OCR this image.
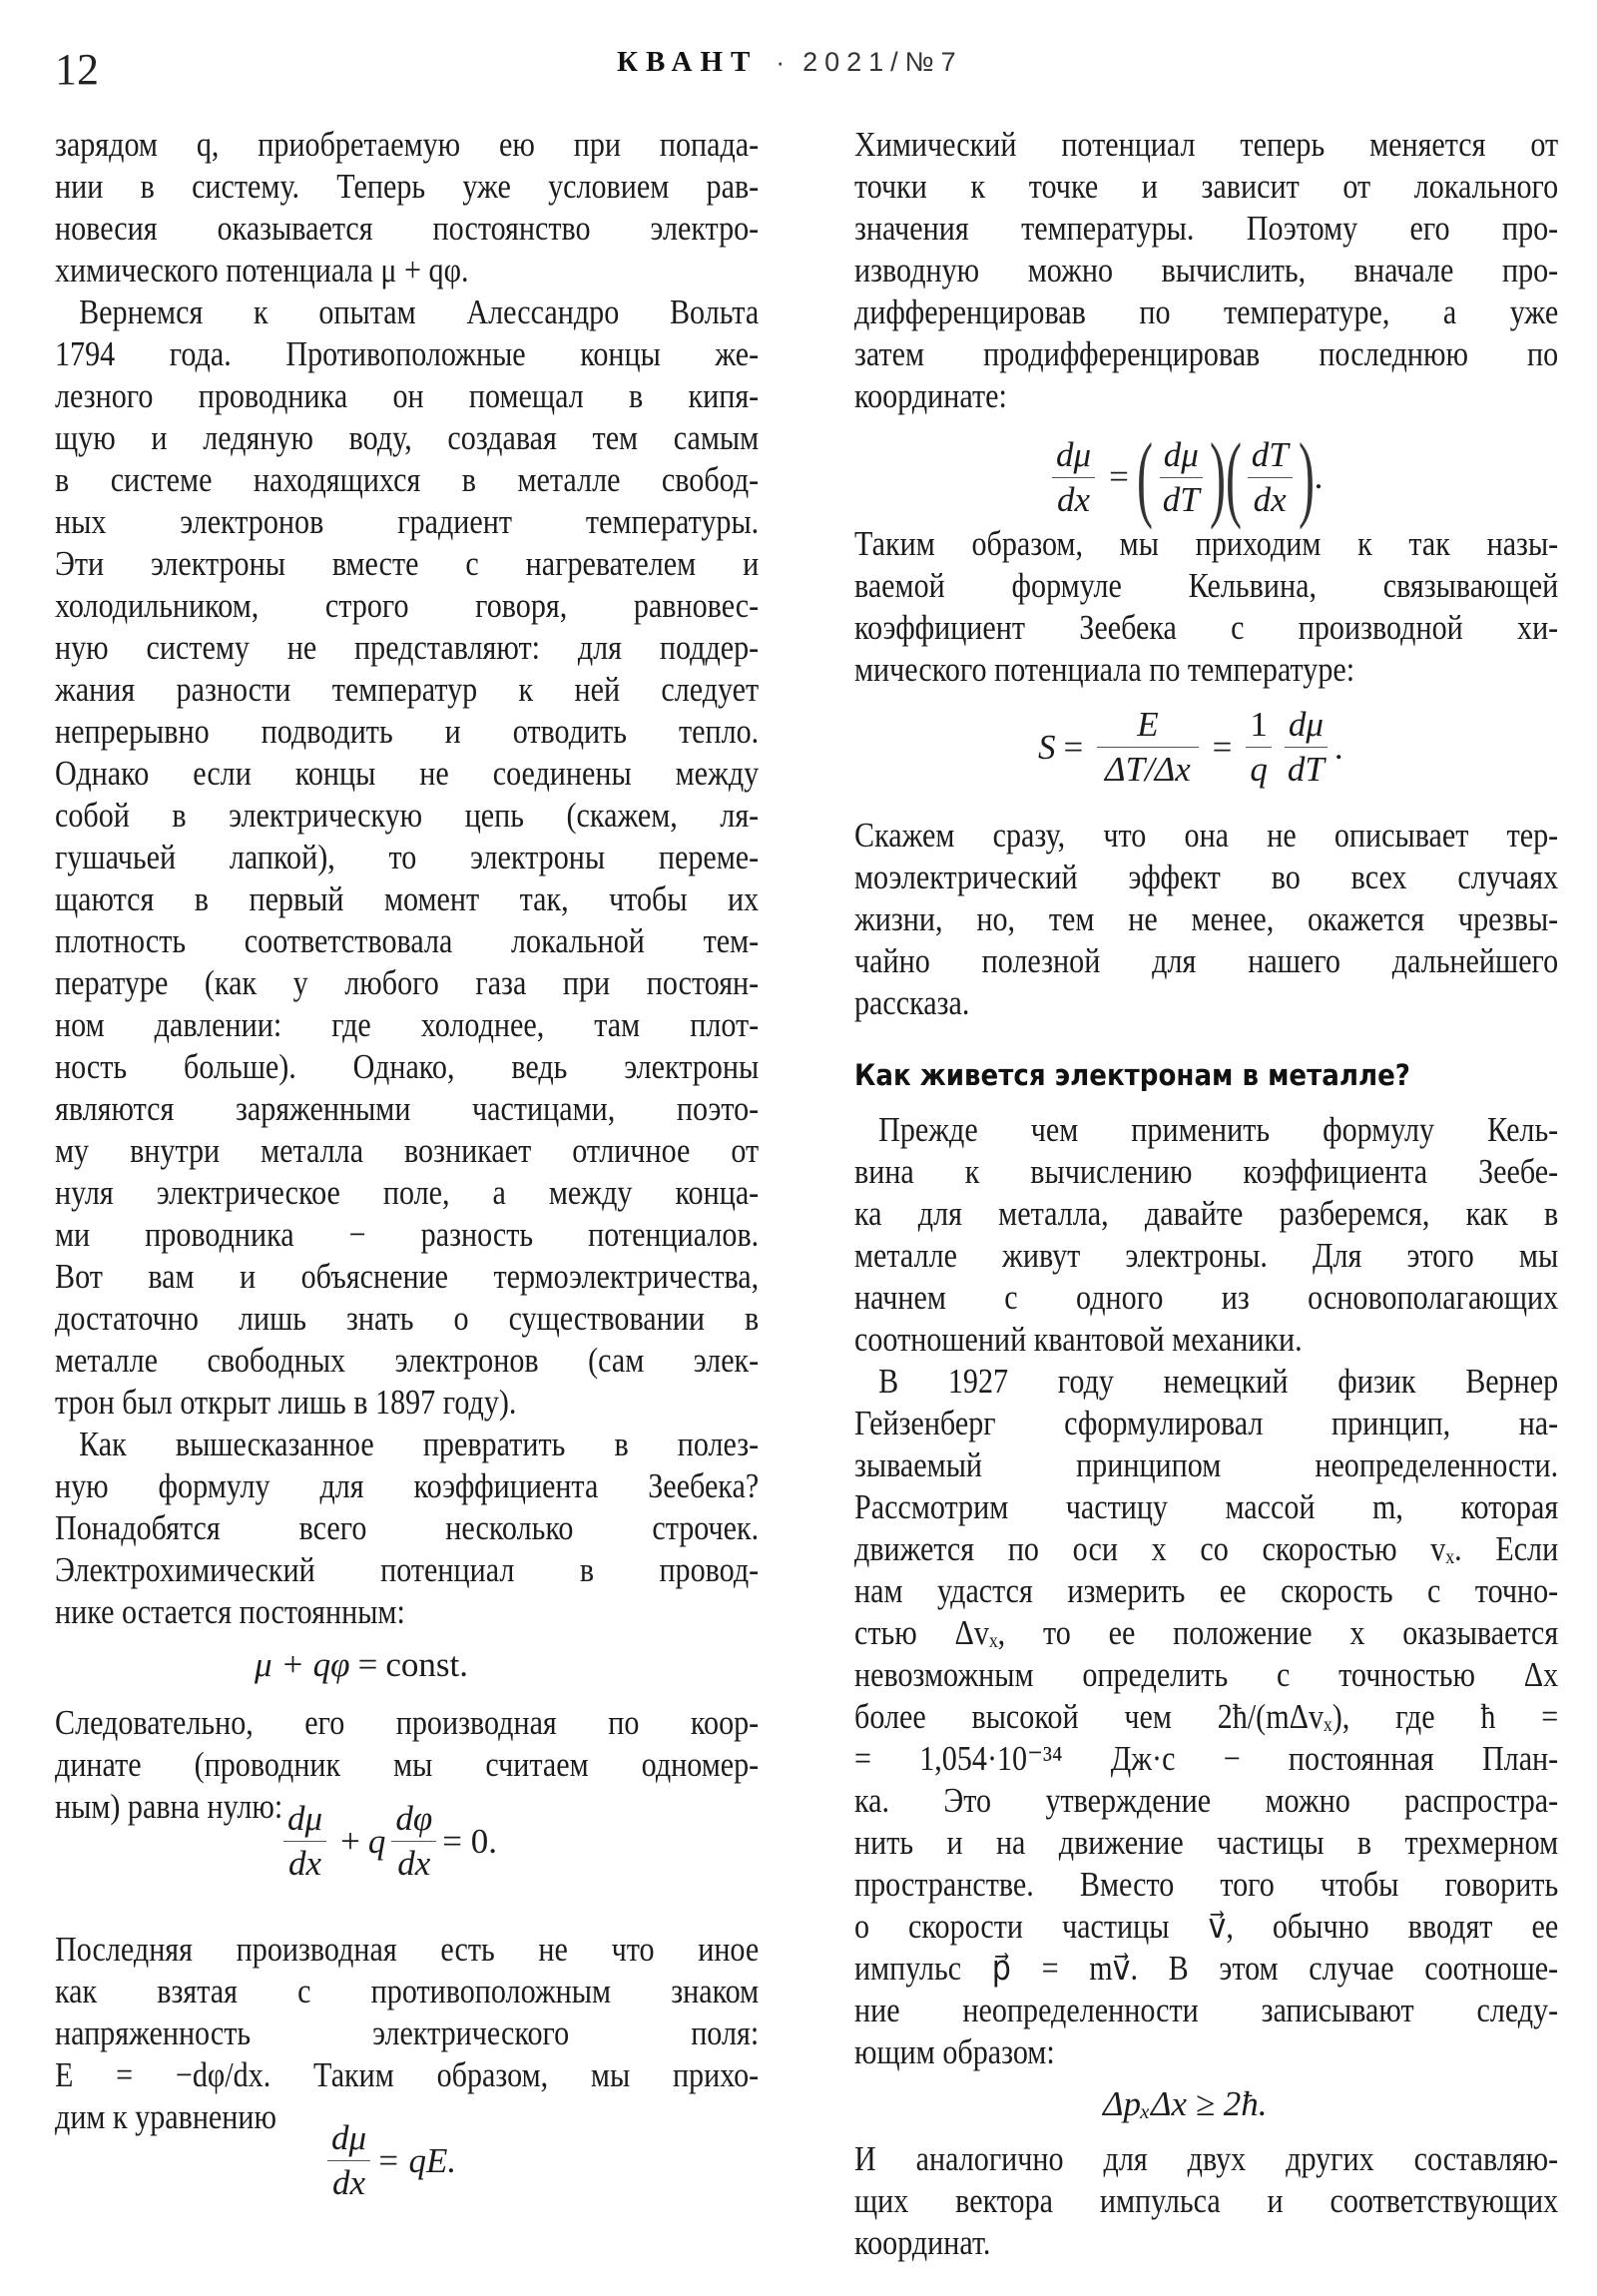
12	КВАНТ · 2021/№7
зарядом q, приобретаемую ею при попада-
нии в систему. Теперь уже условием рав-
новесия оказывается постоянство электро-
химического потенциала μ + qφ.
Вернемся к опытам Алессандро Вольта
1794 года. Противоположные концы же-
лезного проводника он помещал в кипя-
щую и ледяную воду, создавая тем самым
в системе находящихся в металле свобод-
ных электронов градиент температуры.
Эти электроны вместе с нагревателем и
холодильником, строго говоря, равновес-
ную систему не представляют: для поддер-
жания разности температур к ней следует
непрерывно подводить и отводить тепло.
Однако если концы не соединены между
собой в электрическую цепь (скажем, ля-
гушачьей лапкой), то электроны переме-
щаются в первый момент так, чтобы их
плотность соответствовала локальной тем-
пературе (как у любого газа при постоян-
ном давлении: где холоднее, там плот-
ность больше). Однако, ведь электроны
являются заряженными частицами, поэто-
му внутри металла возникает отличное от
нуля электрическое поле, а между конца-
ми проводника − разность потенциалов.
Вот вам и объяснение термоэлектричества,
достаточно лишь знать о существовании в
металле свободных электронов (сам элек-
трон был открыт лишь в 1897 году).
Как вышесказанное превратить в полез-
ную формулу для коэффициента Зеебека?
Понадобятся всего несколько строчек.
Электрохимический потенциал в провод-
нике остается постоянным:
Следовательно, его производная по коор-
динате (проводник мы считаем одномер-
ным) равна нулю:
Последняя производная есть не что иное
как взятая с противоположным знаком
напряженность электрического поля:
E = −dφ/dx. Таким образом, мы прихо-
дим к уравнению
μ + qφ = const.
$\frac{d\mu}{dx} + q \frac{d\varphi}{dx} = 0$.
$\frac{d\mu}{dx}$ = qE.
Химический потенциал теперь меняется от
точки к точке и зависит от локального
значения температуры. Поэтому его про-
изводную можно вычислить, вначале про-
дифференцировав по температуре, а уже
затем продифференцировав последнюю по
координате:
Таким образом, мы приходим к так назы-
ваемой формуле Кельвина, связывающей
коэффициент Зеебека с производной хи-
мического потенциала по температуре:
Скажем сразу, что она не описывает тер-
моэлектрический эффект во всех случаях
жизни, но, тем не менее, окажется чрезвы-
чайно полезной для нашего дальнейшего
рассказа.
Прежде чем применить формулу Кель-
вина к вычислению коэффициента Зеебе-
ка для металла, давайте разберемся, как в
металле живут электроны. Для этого мы
начнем с одного из основополагающих
соотношений квантовой механики.
В 1927 году немецкий физик Вернер
Гейзенберг сформулировал принцип, на-
зываемый принципом неопределенности.
Рассмотрим частицу массой m, которая
движется по оси x со скоростью vₓ. Если
нам удастся измерить ее скорость с точно-
стью Δvₓ, то ее положение x оказывается
невозможным определить с точностью Δx
более высокой чем 2ħ/(mΔvₓ), где ħ =
= 1,054·10⁻³⁴ Дж·с − постоянная План-
ка. Это утверждение можно распростра-
нить и на движение частицы в трехмерном
пространстве. Вместо того чтобы говорить
о скорости частицы v⃗, обычно вводят ее
импульс p⃗ = mv⃗. В этом случае соотноше-
ние неопределенности записывают следу-
ющим образом:
И аналогично для двух других составляю-
щих вектора импульса и соответствующих
координат.
Как живется электронам в металле?
$\frac{d\mu}{dx}$ = ( $\frac{d\mu}{dT}$ ) ( $\frac{dT}{dx}$ ) .
$S = \frac{E}{\Delta T/\Delta x} = \frac{1}{q} \frac{d\mu}{dT}$ .
ΔpₓΔx ≥ 2ħ.
